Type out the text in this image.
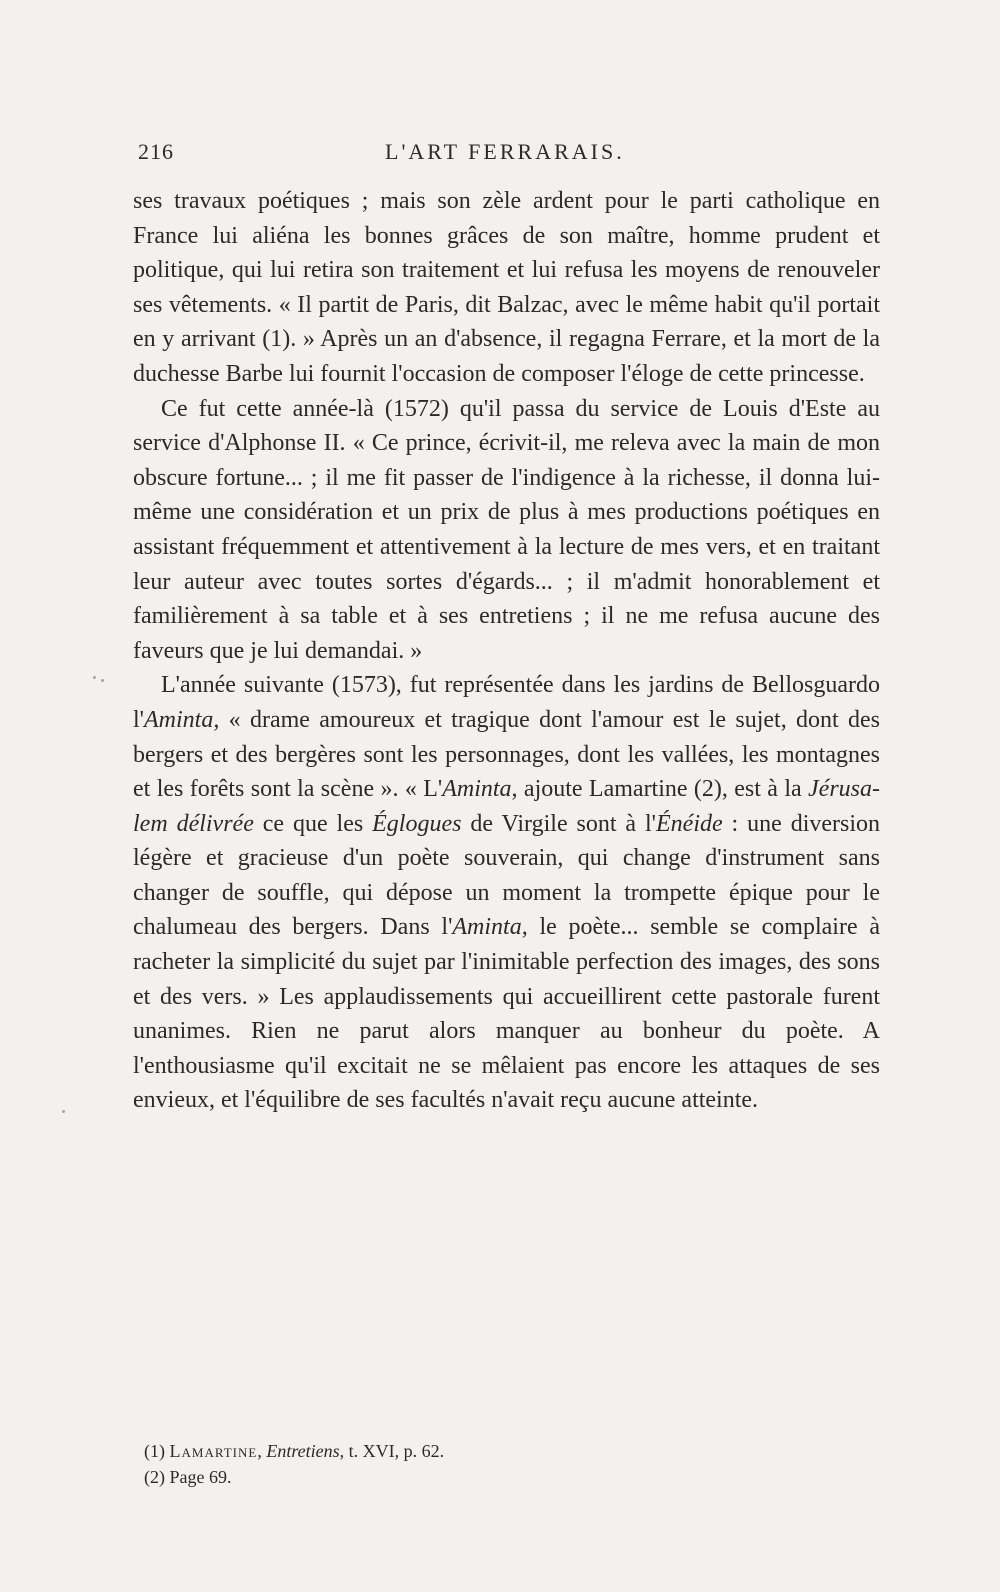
216	L'ART FERRARAIS.

ses travaux poétiques ; mais son zèle ardent pour le parti catholique en France lui aliéna les bonnes grâces de son maître, homme prudent et politique, qui lui retira son traitement et lui refusa les moyens de renouveler ses vêtements. « Il partit de Paris, dit Balzac, avec le même habit qu'il portait en y arrivant (1). » Après un an d'absence, il regagna Ferrare, et la mort de la duchesse Barbe lui fournit l'occasion de composer l'éloge de cette princesse.

Ce fut cette année-là (1572) qu'il passa du service de Louis d'Este au service d'Alphonse II. « Ce prince, écrivit-il, me releva avec la main de mon obscure fortune... ; il me fit passer de l'indigence à la richesse, il donna lui-même une considération et un prix de plus à mes productions poétiques en assistant fréquemment et attentivement à la lecture de mes vers, et en traitant leur auteur avec toutes sortes d'égards... ; il m'admit honorablement et familièrement à sa table et à ses entretiens ; il ne me refusa aucune des faveurs que je lui demandai. »

L'année suivante (1573), fut représentée dans les jardins de Bellosguardo l'Aminta, « drame amoureux et tragique dont l'amour est le sujet, dont des bergers et des bergères sont les personnages, dont les vallées, les montagnes et les forêts sont la scène ». « L'Aminta, ajoute Lamartine (2), est à la Jérusalem délivrée ce que les Églogues de Virgile sont à l'Énéide : une diversion légère et gracieuse d'un poète souverain, qui change d'instrument sans changer de souffle, qui dépose un moment la trompette épique pour le chalumeau des bergers. Dans l'Aminta, le poète... semble se complaire à racheter la simplicité du sujet par l'inimitable perfection des images, des sons et des vers. » Les applaudissements qui accueillirent cette pastorale furent unanimes. Rien ne parut alors manquer au bonheur du poète. A l'enthousiasme qu'il excitait ne se mêlaient pas encore les attaques de ses envieux, et l'équilibre de ses facultés n'avait reçu aucune atteinte.

(1) Lamartine, Entretiens, t. XVI, p. 62.
(2) Page 69.
